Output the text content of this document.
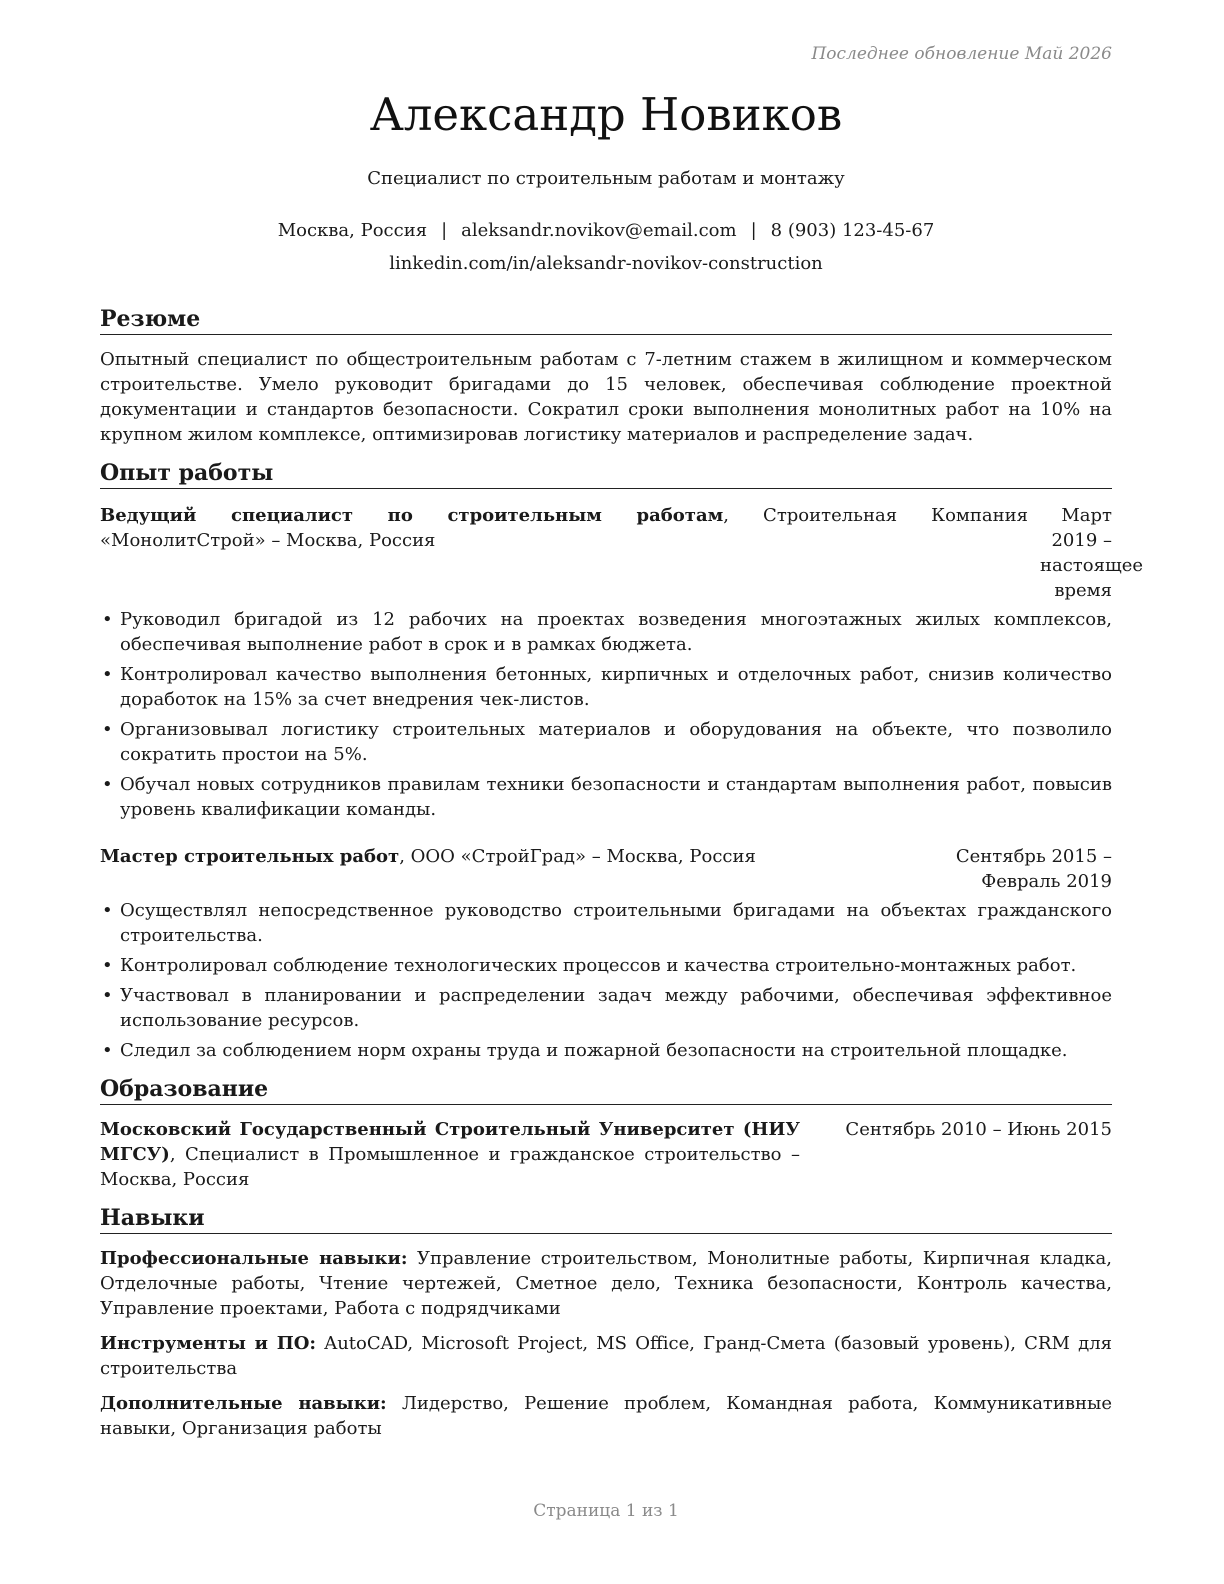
Последнее обновление Май 2026
Александр Новиков
Специалист по строительным работам и монтажу
Москва, Россия | aleksandr.novikov@email.com | 8 (903) 123-45-67
linkedin.com/in/aleksandr-novikov-construction
Резюме

Опытный специалист по общестроительным работам с 7-летним стажем в жилищном и коммерческом строительстве. Умело руководит бригадами до 15 человек, обеспечивая соблюдение проектной документации и стандартов безопасности. Сократил сроки выполнения монолитных работ на 10% на крупном жилом комплексе, оптимизировав логистику материалов и распределение задач.

Опыт работы
Ведущий специалист по строительным работам, Строительная Компания «МонолитСтрой» – Москва, Россия
Март 2019 – настоящее время
• Руководил бригадой из 12 рабочих на проектах возведения многоэтажных жилых комплексов, обеспечивая выполнение работ в срок и в рамках бюджета.
• Контролировал качество выполнения бетонных, кирпичных и отделочных работ, снизив количество доработок на 15% за счет внедрения чек-листов.
• Организовывал логистику строительных материалов и оборудования на объекте, что позволило сократить простои на 5%.
• Обучал новых сотрудников правилам техники безопасности и стандартам выполнения работ, повысив уровень квалификации команды.
Мастер строительных работ, ООО «СтройГрад» – Москва, Россия	Сентябрь 2015 – Февраль 2019
• Осуществлял непосредственное руководство строительными бригадами на объектах гражданского строительства.
• Контролировал соблюдение технологических процессов и качества строительно-монтажных работ.
• Участвовал в планировании и распределении задач между рабочими, обеспечивая эффективное использование ресурсов.
• Следил за соблюдением норм охраны труда и пожарной безопасности на строительной площадке.
Образование
Московский Государственный Строительный Университет (НИУ МГСУ), Специалист в Промышленное и гражданское строительство – Москва, Россия
Сентябрь 2010 – Июнь 2015
Навыки

Профессиональные навыки: Управление строительством, Монолитные работы, Кирпичная кладка, Отделочные работы, Чтение чертежей, Сметное дело, Техника безопасности, Контроль качества, Управление проектами, Работа с подрядчиками

Инструменты и ПО: AutoCAD, Microsoft Project, MS Office, Гранд-Смета (базовый уровень), CRM для строительства

Дополнительные навыки: Лидерство, Решение проблем, Командная работа, Коммуникативные навыки, Организация работы

Страница 1 из 1
